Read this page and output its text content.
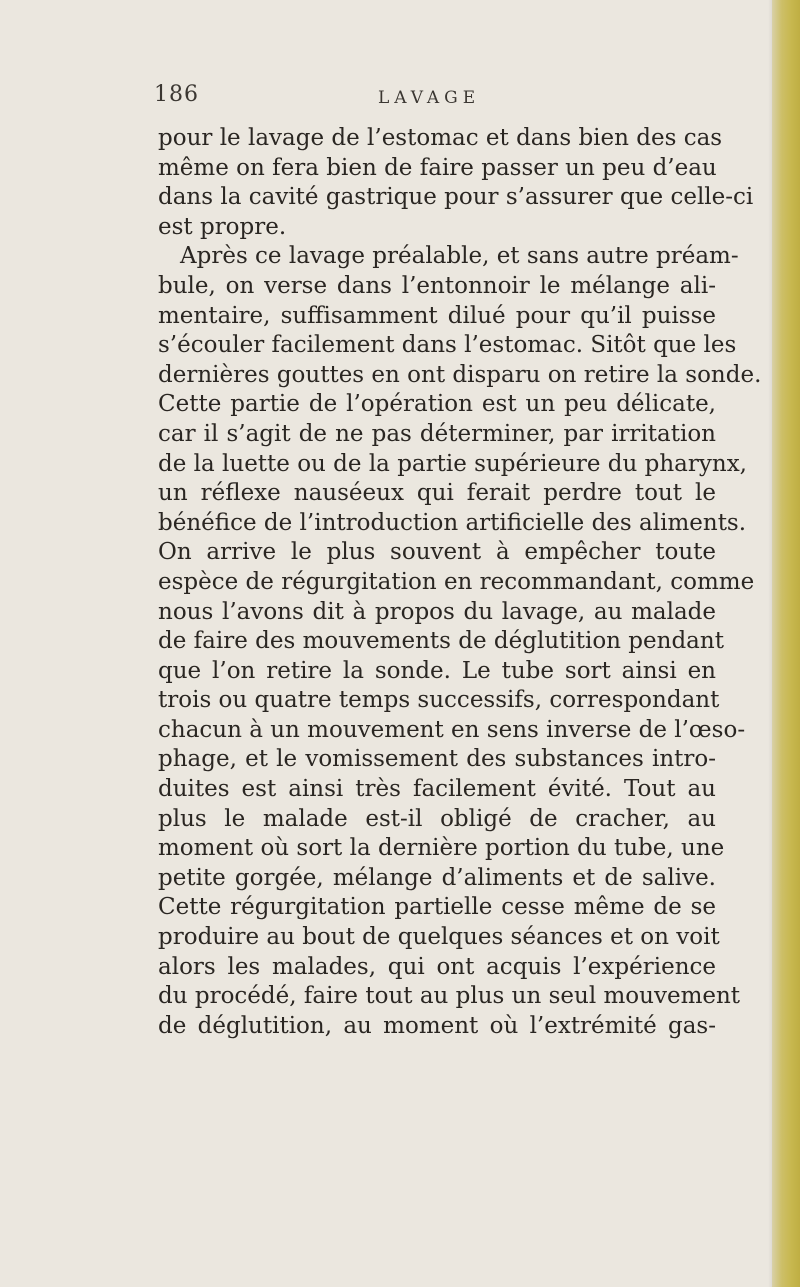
186	LAVAGE
pour le lavage de l’estomac et dans bien des cas
même on fera bien de faire passer un peu d’eau
dans la cavité gastrique pour s’assurer que celle-ci
est propre.
Après ce lavage préalable, et sans autre préam-
bule, on verse dans l’entonnoir le mélange ali-
mentaire, suffisamment dilué pour qu’il puisse
s’écouler facilement dans l’estomac. Sitôt que les
dernières gouttes en ont disparu on retire la sonde.
Cette partie de l’opération est un peu délicate,
car il s’agit de ne pas déterminer, par irritation
de la luette ou de la partie supérieure du pharynx,
un réflexe nauséeux qui ferait perdre tout le
bénéfice de l’introduction artificielle des aliments.
On arrive le plus souvent à empêcher toute
espèce de régurgitation en recommandant, comme
nous l’avons dit à propos du lavage, au malade
de faire des mouvements de déglutition pendant
que l’on retire la sonde. Le tube sort ainsi en
trois ou quatre temps successifs, correspondant
chacun à un mouvement en sens inverse de l’œso-
phage, et le vomissement des substances intro-
duites est ainsi très facilement évité. Tout au
plus le malade est-il obligé de cracher, au
moment où sort la dernière portion du tube, une
petite gorgée, mélange d’aliments et de salive.
Cette régurgitation partielle cesse même de se
produire au bout de quelques séances et on voit
alors les malades, qui ont acquis l’expérience
du procédé, faire tout au plus un seul mouvement
de déglutition, au moment où l’extrémité gas-
